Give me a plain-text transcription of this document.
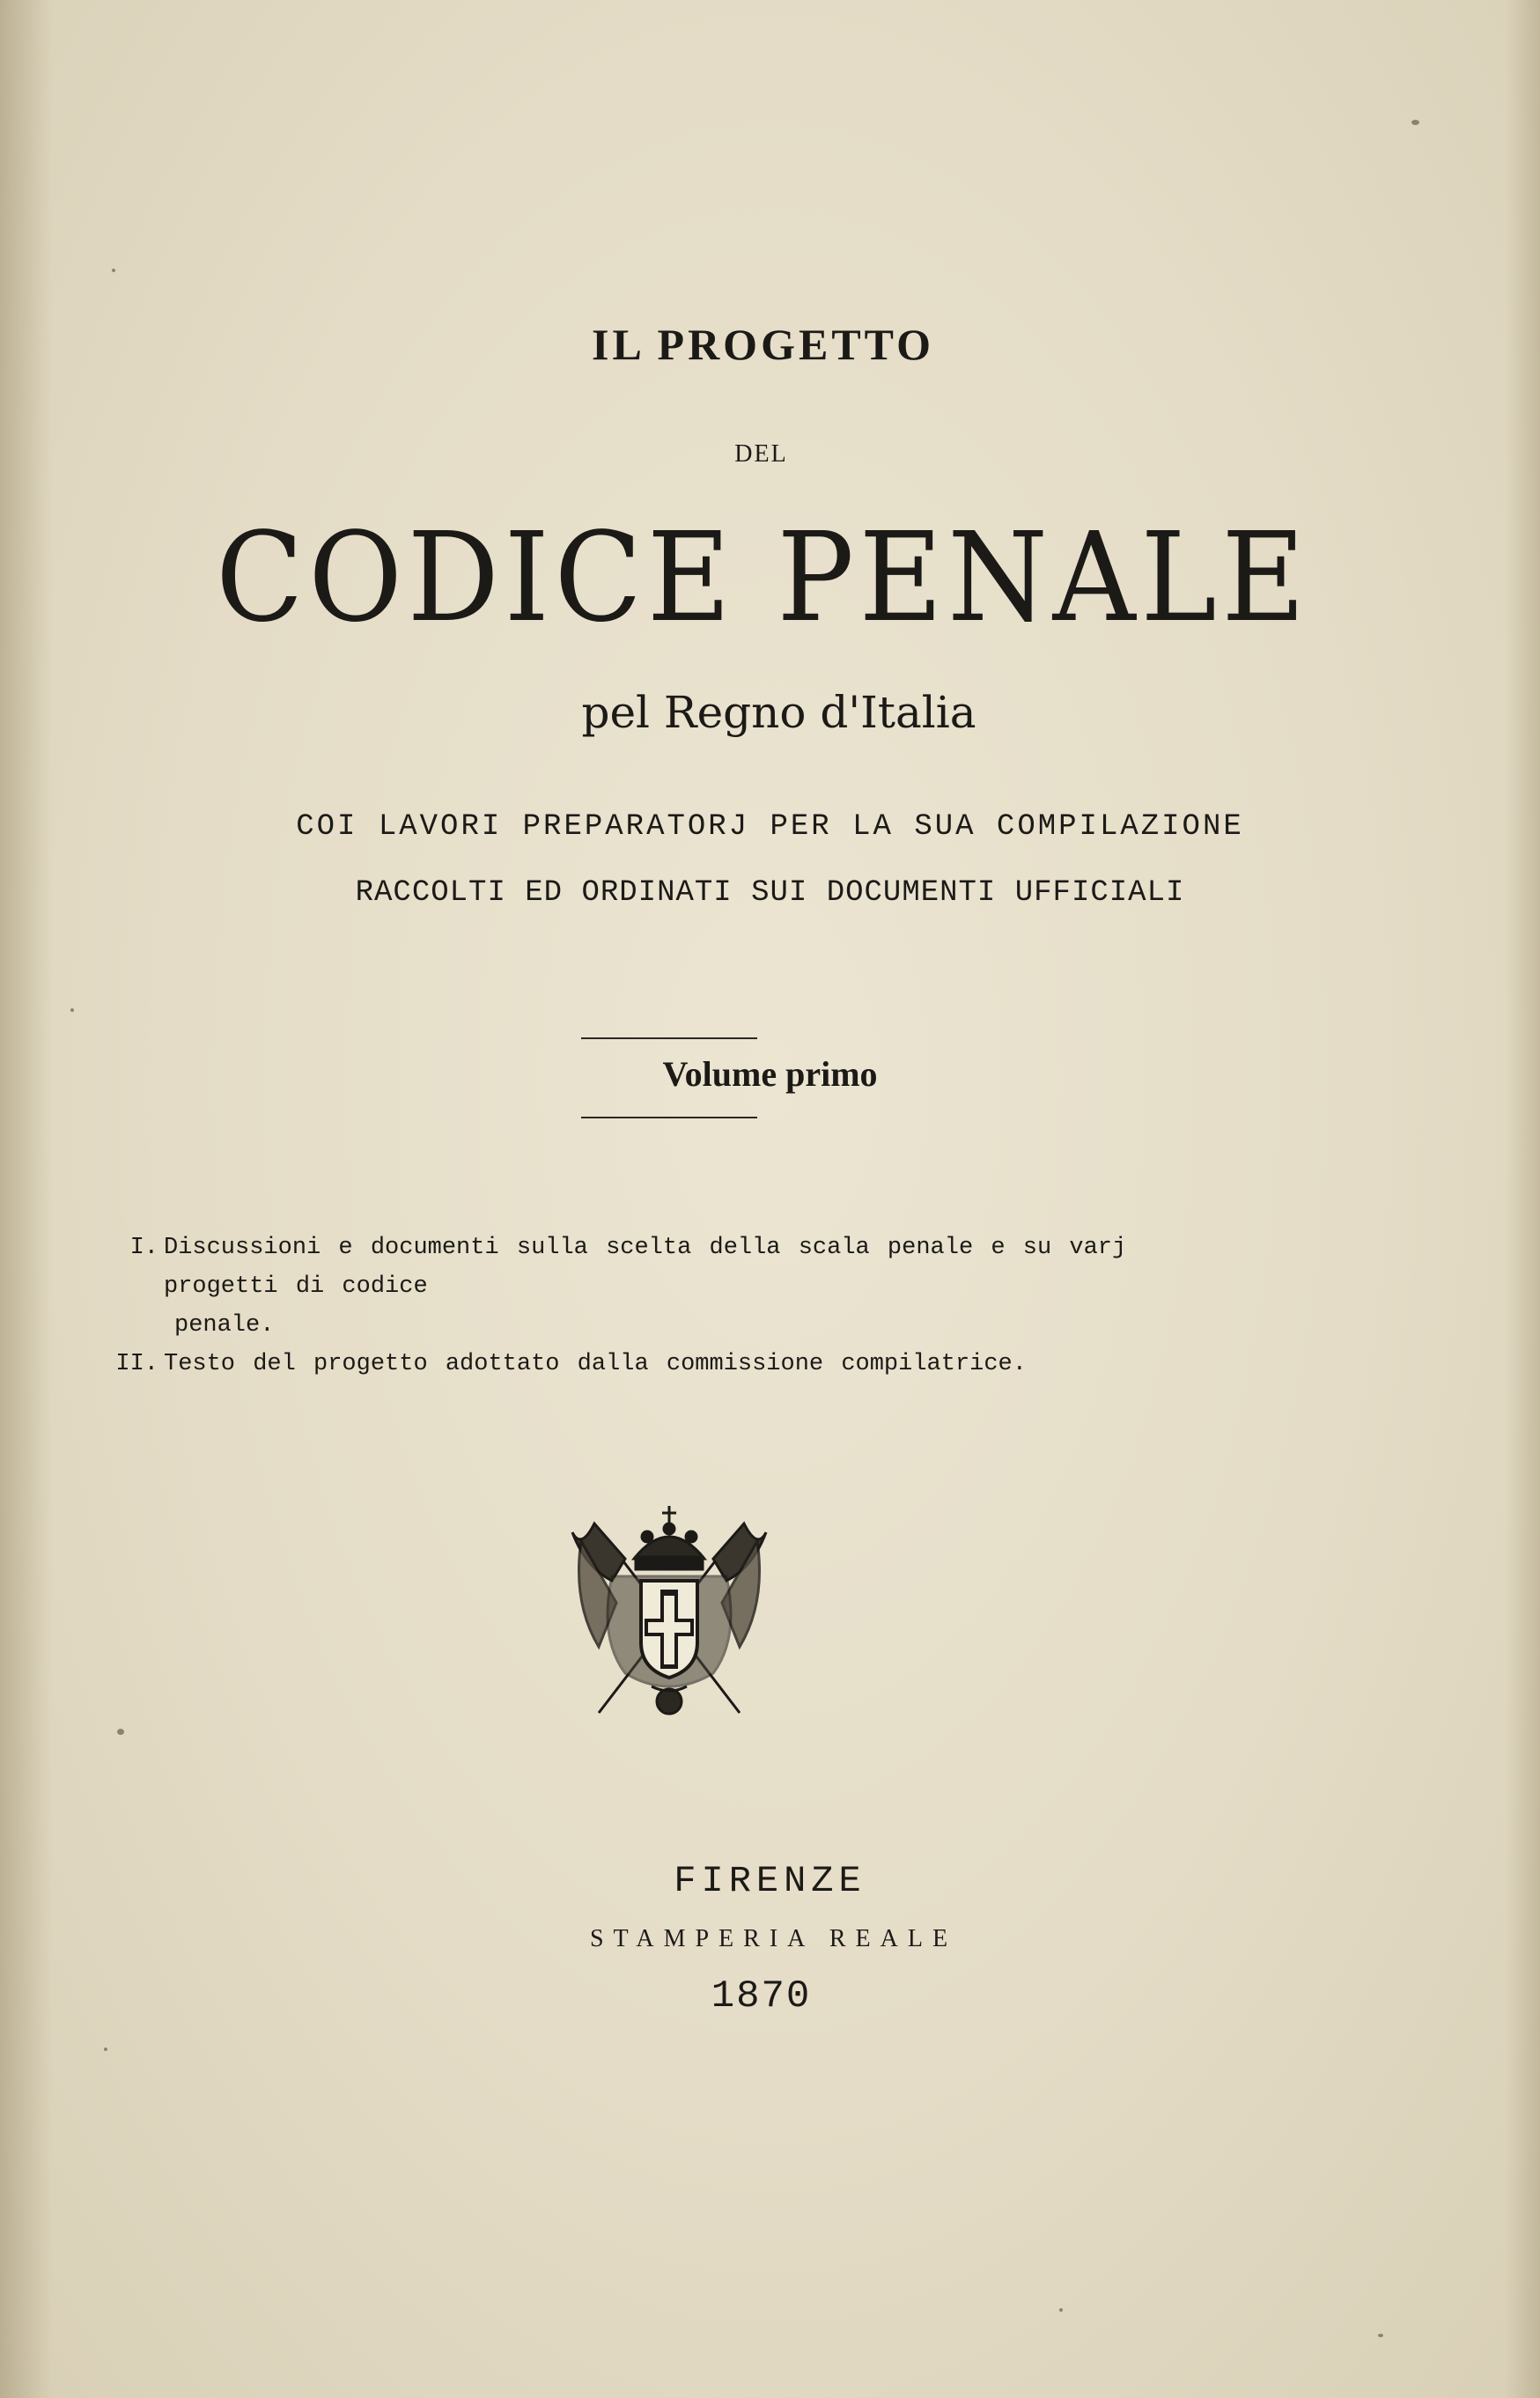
IL PROGETTO

DEL

CODICE PENALE

pel Regno d'Italia

COI LAVORI PREPARATORJ PER LA SUA COMPILAZIONE

RACCOLTI ED ORDINATI SUI DOCUMENTI UFFICIALI

Volume primo

I. Discussioni e documenti sulla scelta della scala penale e su varj progetti di codice
penale.
II. Testo del progetto adottato dalla commissione compilatrice.

FIRENZE

STAMPERIA REALE

1870
